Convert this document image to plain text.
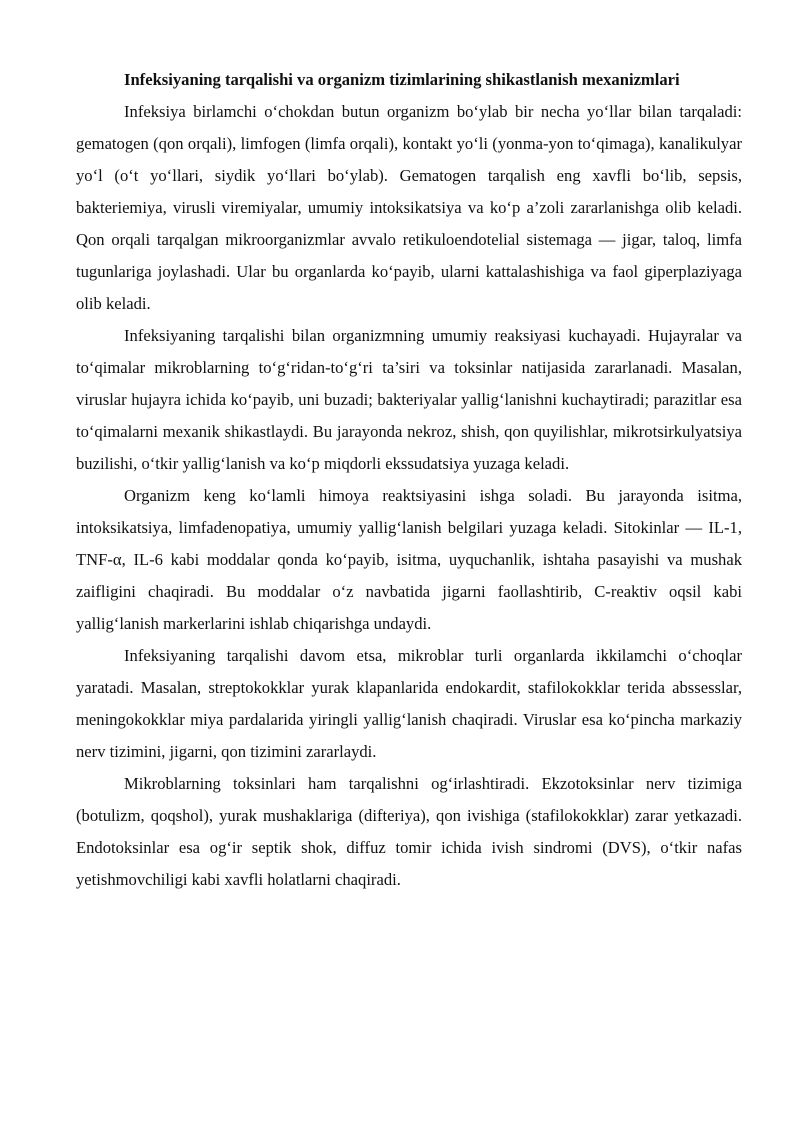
Infeksiyaning tarqalishi va organizm tizimlarining shikastlanish mexanizmlari

Infeksiya birlamchi o‘chokdan butun organizm bo‘ylab bir necha yo‘llar bilan tarqaladi: gematogen (qon orqali), limfogen (limfa orqali), kontakt yo‘li (yonma-yon to‘qimaga), kanalikulyar yo‘l (o‘t yo‘llari, siydik yo‘llari bo‘ylab). Gematogen tarqalish eng xavfli bo‘lib, sepsis, bakteriemiya, virusli viremiyalar, umumiy intoksikatsiya va ko‘p a’zoli zararlanishga olib keladi. Qon orqali tarqalgan mikroorganizmlar avvalo retikuloendotelial sistemaga — jigar, taloq, limfa tugunlariga joylashadi. Ular bu organlarda ko‘payib, ularni kattalashishiga va faol giperplaziyaga olib keladi.

Infeksiyaning tarqalishi bilan organizmning umumiy reaksiyasi kuchayadi. Hujayralar va to‘qimalar mikroblarning to‘g‘ridan-to‘g‘ri ta’siri va toksinlar natijasida zararlanadi. Masalan, viruslar hujayra ichida ko‘payib, uni buzadi; bakteriyalar yallig‘lanishni kuchaytiradi; parazitlar esa to‘qimalarni mexanik shikastlaydi. Bu jarayonda nekroz, shish, qon quyilishlar, mikrotsirkulyatsiya buzilishi, o‘tkir yallig‘lanish va ko‘p miqdorli ekssudatsiya yuzaga keladi.

Organizm keng ko‘lamli himoya reaktsiyasini ishga soladi. Bu jarayonda isitma, intoksikatsiya, limfadenopatiya, umumiy yallig‘lanish belgilari yuzaga keladi. Sitokinlar — IL-1, TNF-α, IL-6 kabi moddalar qonda ko‘payib, isitma, uyquchanlik, ishtaha pasayishi va mushak zaifligini chaqiradi. Bu moddalar o‘z navbatida jigarni faollashtirib, C-reaktiv oqsil kabi yallig‘lanish markerlarini ishlab chiqarishga undaydi.

Infeksiyaning tarqalishi davom etsa, mikroblar turli organlarda ikkilamchi o‘choqlar yaratadi. Masalan, streptokokklar yurak klapanlarida endokardit, stafilokokklar terida abssesslar, meningokokklar miya pardalarida yiringli yallig‘lanish chaqiradi. Viruslar esa ko‘pincha markaziy nerv tizimini, jigarni, qon tizimini zararlaydi.

Mikroblarning toksinlari ham tarqalishni og‘irlashtiradi. Ekzotoksinlar nerv tizimiga (botulizm, qoqshol), yurak mushaklariga (difteriya), qon ivishiga (stafilokokklar) zarar yetkazadi. Endotoksinlar esa og‘ir septik shok, diffuz tomir ichida ivish sindromi (DVS), o‘tkir nafas yetishmovchiligi kabi xavfli holatlarni chaqiradi.
